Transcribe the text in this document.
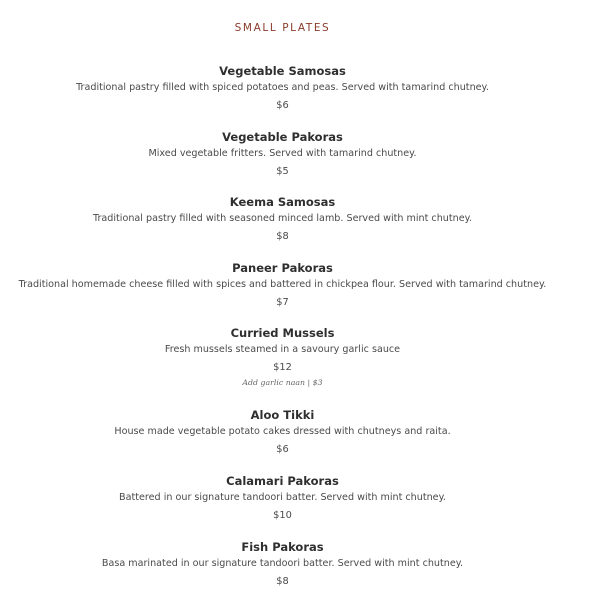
SMALL PLATES
Vegetable Samosas
Traditional pastry filled with spiced potatoes and peas. Served with tamarind chutney.
$6
Vegetable Pakoras
Mixed vegetable fritters. Served with tamarind chutney.
$5
Keema Samosas
Traditional pastry filled with seasoned minced lamb. Served with mint chutney.
$8
Paneer Pakoras
Traditional homemade cheese filled with spices and battered in chickpea flour. Served with tamarind chutney.
$7
Curried Mussels
Fresh mussels steamed in a savoury garlic sauce
$12
Add garlic naan | $3
Aloo Tikki
House made vegetable potato cakes dressed with chutneys and raita.
$6
Calamari Pakoras
Battered in our signature tandoori batter. Served with mint chutney.
$10
Fish Pakoras
Basa marinated in our signature tandoori batter. Served with mint chutney.
$8
